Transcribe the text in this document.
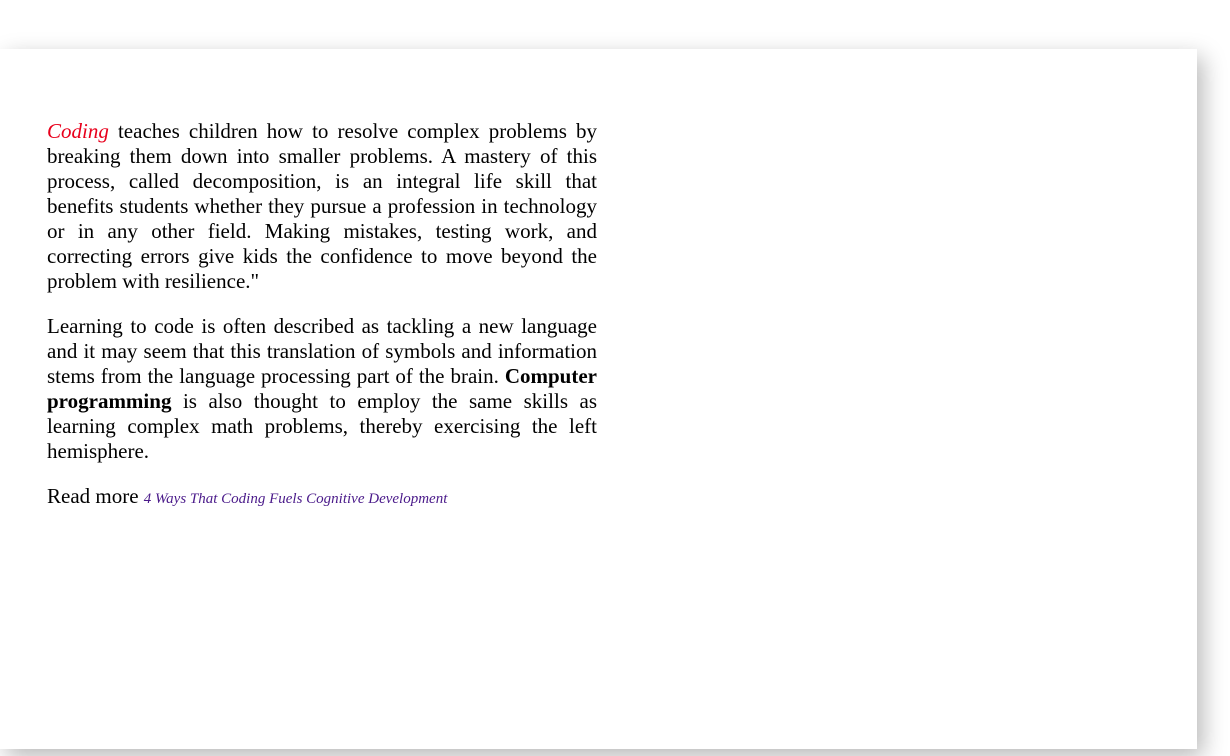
Coding teaches children how to resolve complex problems by breaking them down into smaller problems. A mastery of this process, called decomposition, is an integral life skill that benefits students whether they pursue a profession in technology or in any other field. Making mistakes, testing work, and correcting errors give kids the confidence to move beyond the problem with resilience."

Learning to code is often described as tackling a new language and it may seem that this translation of symbols and information stems from the language processing part of the brain. Computer programming is also thought to employ the same skills as learning complex math problems, thereby exercising the left hemisphere.

Read more 4 Ways That Coding Fuels Cognitive Development
